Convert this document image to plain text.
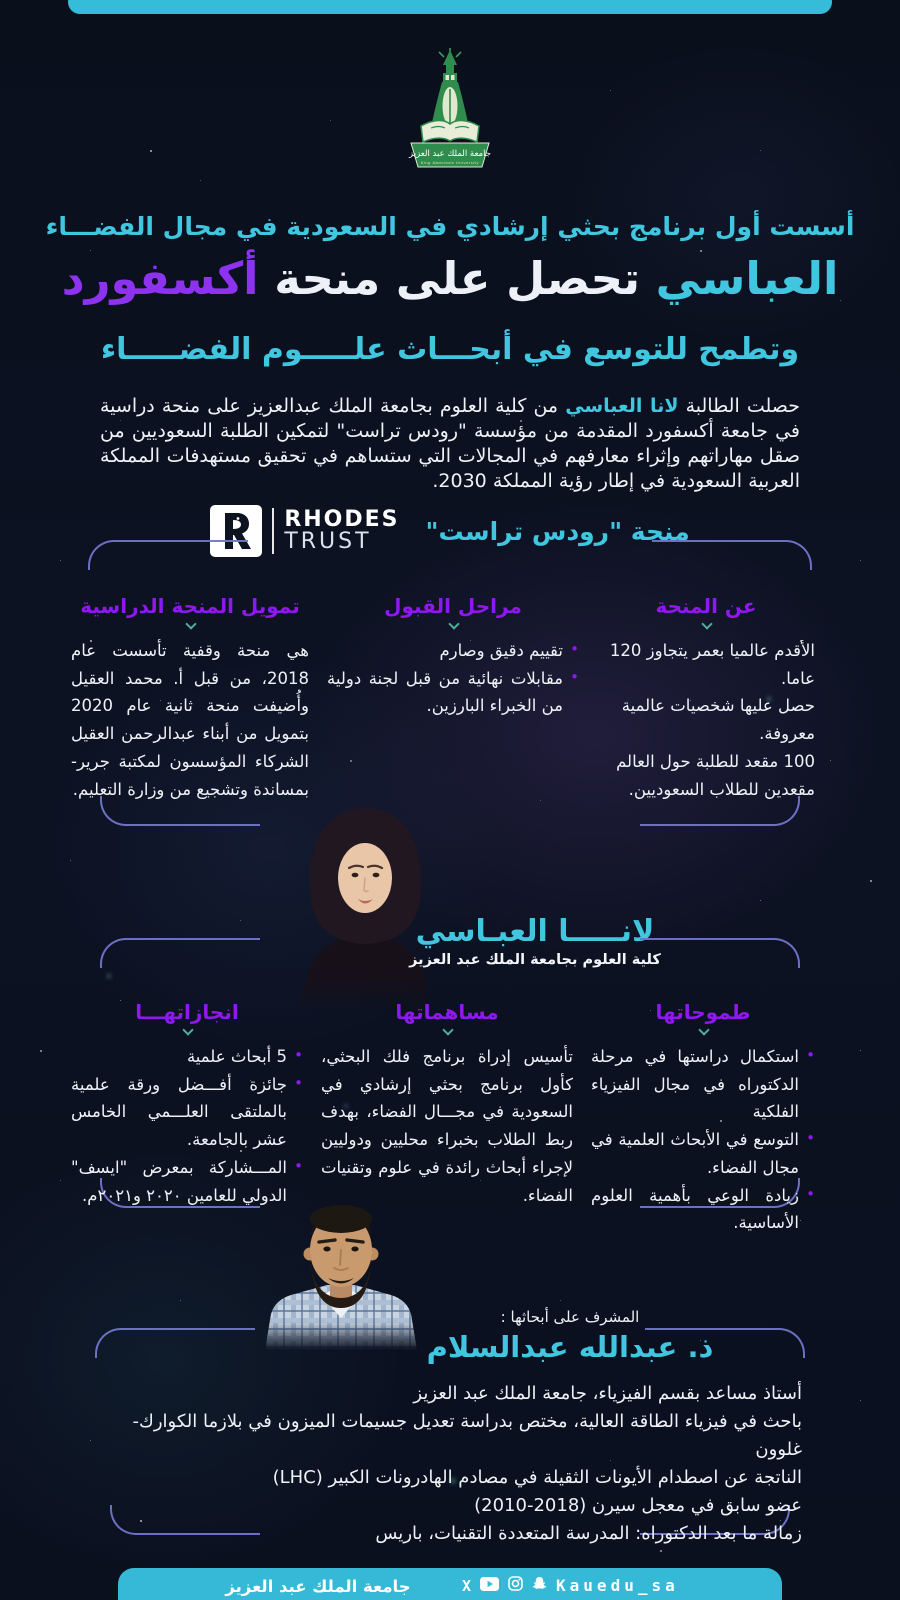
جامعة الملك عبد العزيز
King Abdulaziz University
أسست أول برنامج بحثي إرشادي في السعودية في مجال الفضـــاء
العباسي تحصل على منحة أكسفورد
وتطمح للتوسع في أبحـــاث علـــــوم الفضـــــاء
حصلت الطالبة لانا العباسي من كلية العلوم بجامعة الملك عبدالعزيز على منحة دراسية في جامعة أكسفورد المقدمة من مؤسسة "رودس تراست" لتمكين الطلبة السعوديين من صقل مهاراتهم وإثراء معارفهم في المجالات التي ستساهم في تحقيق مستهدفات المملكة العربية السعودية في إطار رؤية المملكة 2030.
منحة "رودس تراست"
RHODES
TRUST
عن المنحة
الأقدم عالميا بعمر يتجاوز 120 عاما.
حصل عليها شخصيات عالمية معروفة.
100 مقعد للطلبة حول العالم
مقعدين للطلاب السعوديين.
مراحل القبول
• تقييم دقيق وصارم
• مقابلات نهائية من قبل لجنة دولية من الخبراء البارزين.
تمويل المنحة الدراسية
هي منحة وقفية تأسست عام 2018، من قبل أ. محمد العقيل وأُضيفت منحة ثانية عام 2020 بتمويل من أبناء عبدالرحمن العقيل الشركاء المؤسسون لمكتبة جرير- بمساندة وتشجيع من وزارة التعليم.
لانـــــا العبـاسي
كلية العلوم بجامعة الملك عبد العزيز
طموحاتها
• استكمال دراستها في مرحلة الدكتوراه في مجال الفيزياء الفلكية
• التوسع في الأبحاث العلمية في مجال الفضاء.
• زيادة الوعي بأهمية العلوم الأساسية.
مساهماتها
تأسيس إدراة برنامج فلك البحثي، كأول برنامج بحثي إرشادي في السعودية في مجـــال الفضاء، بهدف ربط الطلاب بخبراء محليين ودوليين لإجراء أبحاث رائدة في علوم وتقنيات الفضاء.
انجازاتهـــا
• 5 أبحاث علمية
• جائزة أفـــضل ورقة علمية بالملتقى العلـــمي الخامس عشر بالجامعة.
• المـــشاركة بمعرض "ايسف" الدولي للعامين ٢٠٢٠ و٢٠٢١م.
المشرف على أبحاثها :
ذ. عبدالله عبدالسلام
أستاذ مساعد بقسم الفيزياء، جامعة الملك عبد العزيز
باحث في فيزياء الطاقة العالية، مختص بدراسة تعديل جسيمات الميزون في بلازما الكوارك-غلوون
الناتجة عن اصطدام الأيونات الثقيلة في مصادم الهادرونات الكبير (LHC)
عضو سابق في معجل سيرن (2018-2010)
زمالة ما بعد الدكتوراه: المدرسة المتعددة التقنيات، باريس
جامعة الملك عبد العزيز	X	Kauedu_sa
